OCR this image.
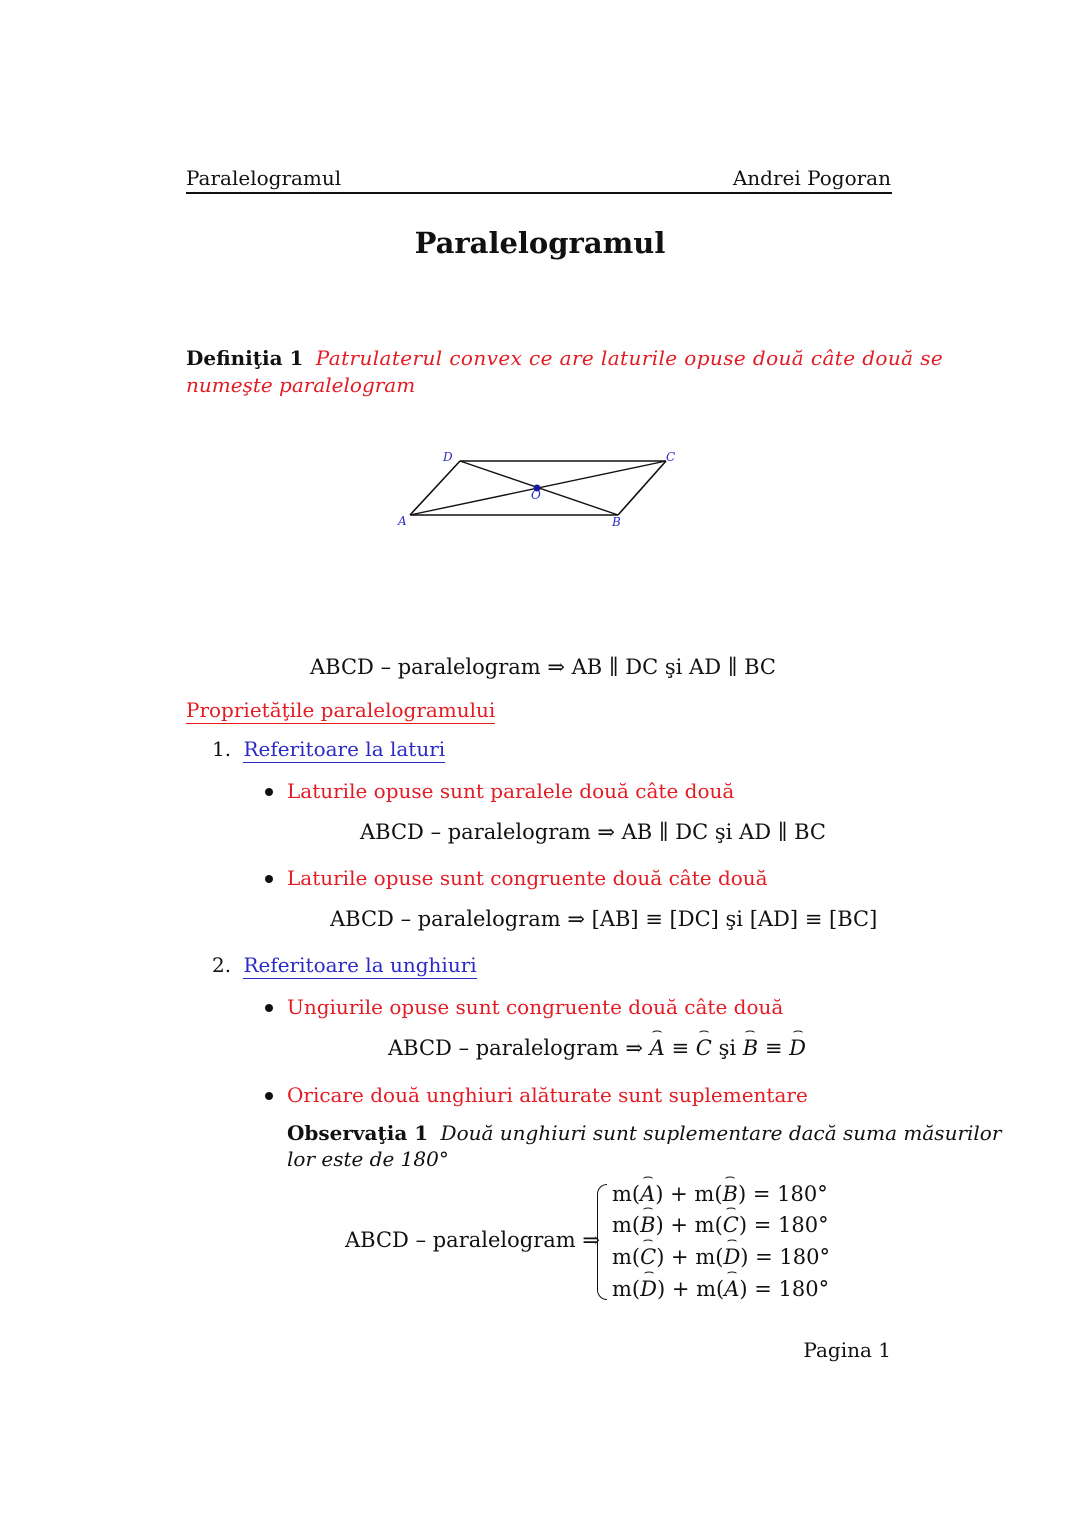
Paralelogramul	Andrei Pogoran
Paralelogramul
Definiţia 1 Patrulaterul convex ce are laturile opuse două câte două se
numeşte paralelogram
A	B
C
D
O
ABCD – paralelogram ⇒ AB ∥ DC şi AD ∥ BC
Proprietăţile paralelogramului
1. Referitoare la laturi
Laturile opuse sunt paralele două câte două
ABCD – paralelogram ⇒ AB ∥ DC şi AD ∥ BC
Laturile opuse sunt congruente două câte două
ABCD – paralelogram ⇒ [AB] ≡ [DC] şi [AD] ≡ [BC]
2. Referitoare la unghiuri
Ungiurile opuse sunt congruente două câte două
ABCD – paralelogram ⇒ ⌢ A ≡ ⌢ C şi ⌢ B ≡ ⌢ D
Oricare două unghiuri alăturate sunt suplementare
Observaţia 1 Două unghiuri sunt suplementare dacă suma măsurilor
lor este de 180°
ABCD – paralelogram ⇒
m(⌢ A) + m(⌢ B) = 180°
m(⌢ B) + m(⌢ C) = 180°
m(⌢ C) + m(⌢ D) = 180°
m(⌢ D) + m(⌢ A) = 180°
Pagina 1
